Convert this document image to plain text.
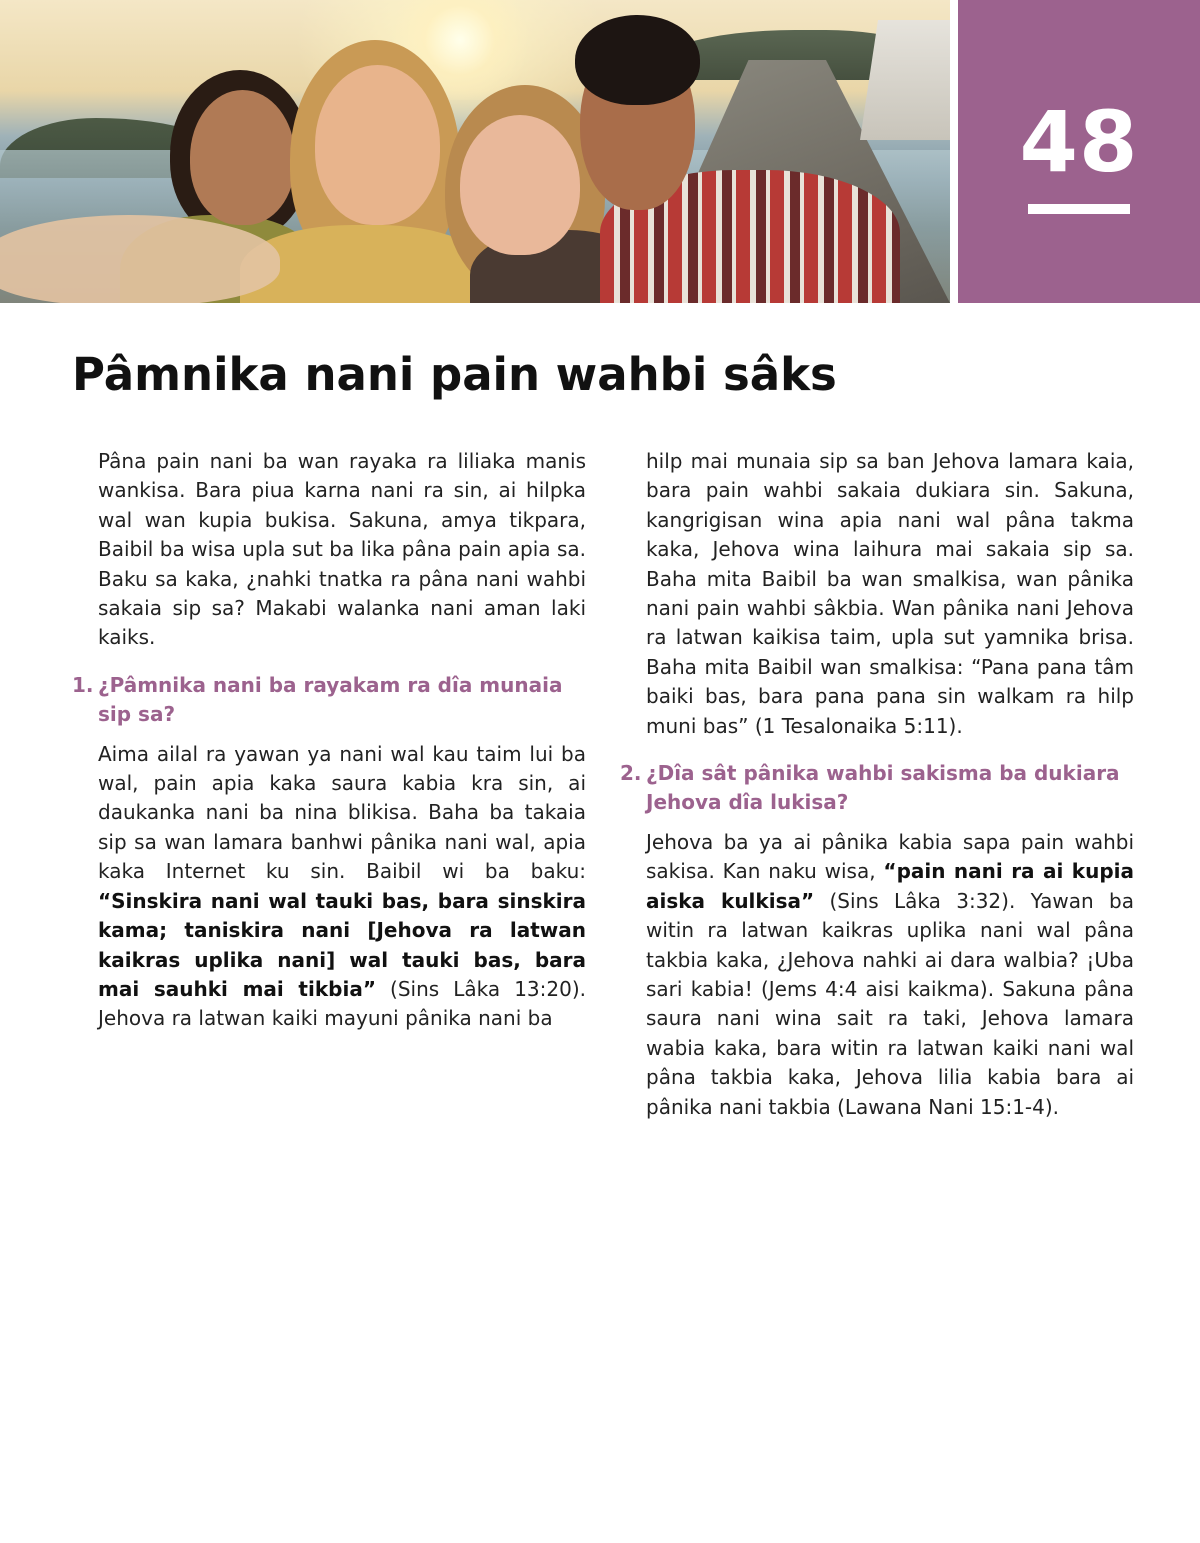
48
Pâmnika nani pain wahbi sâks

Pâna pain nani ba wan rayaka ra liliaka manis wankisa. Bara piua karna nani ra sin, ai hilpka wal wan kupia bukisa. Sakuna, amya tikpara, Baibil ba wisa upla sut ba lika pâna pain apia sa. Baku sa kaka, ¿nahki tnatka ra pâna nani wahbi sakaia sip sa? Makabi walanka nani aman laki kaiks.

1. ¿Pâmnika nani ba rayakam ra dîa munaia sip sa?

Aima ailal ra yawan ya nani wal kau taim lui ba wal, pain apia kaka saura kabia kra sin, ai daukanka nani ba nina blikisa. Baha ba takaia sip sa wan lamara banhwi pânika nani wal, apia kaka Internet ku sin. Baibil wi ba baku: “Sinskira nani wal tauki bas, bara sinskira kama; taniskira nani [Jehova ra latwan kaikras uplika nani] wal tauki bas, bara mai sauhki mai tikbia” (Sins Lâka 13:20). Jehova ra latwan kaiki mayuni pânika nani ba

hilp mai munaia sip sa ban Jehova lamara kaia, bara pain wahbi sakaia dukiara sin. Sakuna, kangrigisan wina apia nani wal pâna takma kaka, Jehova wina laihura mai sakaia sip sa. Baha mita Baibil ba wan smalkisa, wan pânika nani pain wahbi sâkbia. Wan pânika nani Jehova ra latwan kaikisa taim, upla sut yamnika brisa. Baha mita Baibil wan smalkisa: “Pana pana tâm baiki bas, bara pana pana sin walkam ra hilp muni bas” (1 Tesalonaika 5:11).

2. ¿Dîa sât pânika wahbi sakisma ba dukiara Jehova dîa lukisa?

Jehova ba ya ai pânika kabia sapa pain wahbi sakisa. Kan naku wisa, “pain nani ra ai kupia aiska kulkisa” (Sins Lâka 3:32). Yawan ba witin ra latwan kaikras uplika nani wal pâna takbia kaka, ¿Jehova nahki ai dara walbia? ¡Uba sari kabia! (Jems 4:4 aisi kaikma). Sakuna pâna saura nani wina sait ra taki, Jehova lamara wabia kaka, bara witin ra latwan kaiki nani wal pâna takbia kaka, Jehova lilia kabia bara ai pânika nani takbia (Lawana Nani 15:1-4).
